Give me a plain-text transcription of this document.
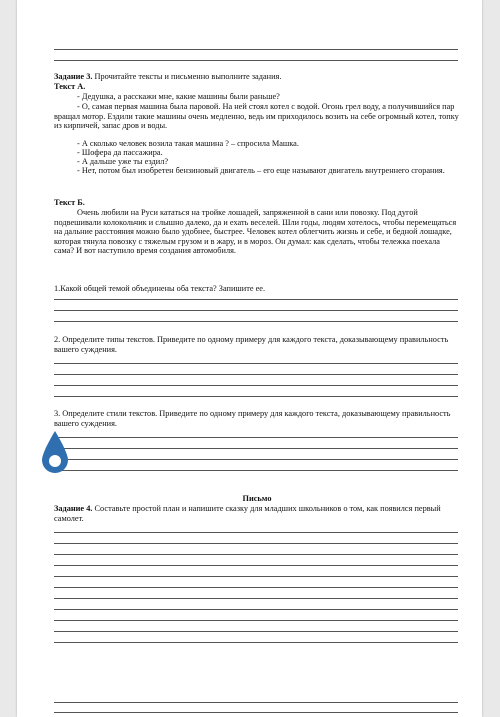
Задание 3. Прочитайте тексты и письменно выполните задания.
Текст А.
- Дедушка, а расскажи мне, какие машины были раньше?
- О, самая первая машина была паровой. На ней стоял котел с водой. Огонь грел воду, а получившийся пар вращал мотор. Ездили такие машины очень медленно, ведь им приходилось возить на себе огромный котел, топку из кирпичей, запас дров и воды.
- А сколько человек возила такая машина ? – спросила Машка.
- Шофера да пассажира.
- А дальше уже ты ездил?
- Нет, потом был изобретен бензиновый двигатель – его еще называют двигатель внутреннего сгорания.
Текст Б.
Очень любили на Руси кататься на тройке лошадей, запряженной в сани или повозку. Под дугой подвешивали колокольчик и слышно далеко, да и ехать веселей. Шли годы, людям хотелось, чтобы перемещаться на дальние расстояния можно было удобнее, быстрее. Человек котел облегчить жизнь и себе, и бедной лошадке, которая тянула повозку с тяжелым грузом и в жару, и в мороз. Он думал: как сделать, чтобы тележка поехала сама? И вот наступило время создания автомобиля.
1.Какой общей темой объединены оба текста? Запишите ее.
2. Определите типы текстов. Приведите по одному примеру для каждого текста, доказывающему правильность вашего суждения.
3. Определите стили текстов. Приведите по одному примеру для каждого текста, доказывающему правильность вашего суждения.
Письмо
Задание 4. Составьте простой план и напишите сказку для младших школьников о том, как появился первый самолет.
